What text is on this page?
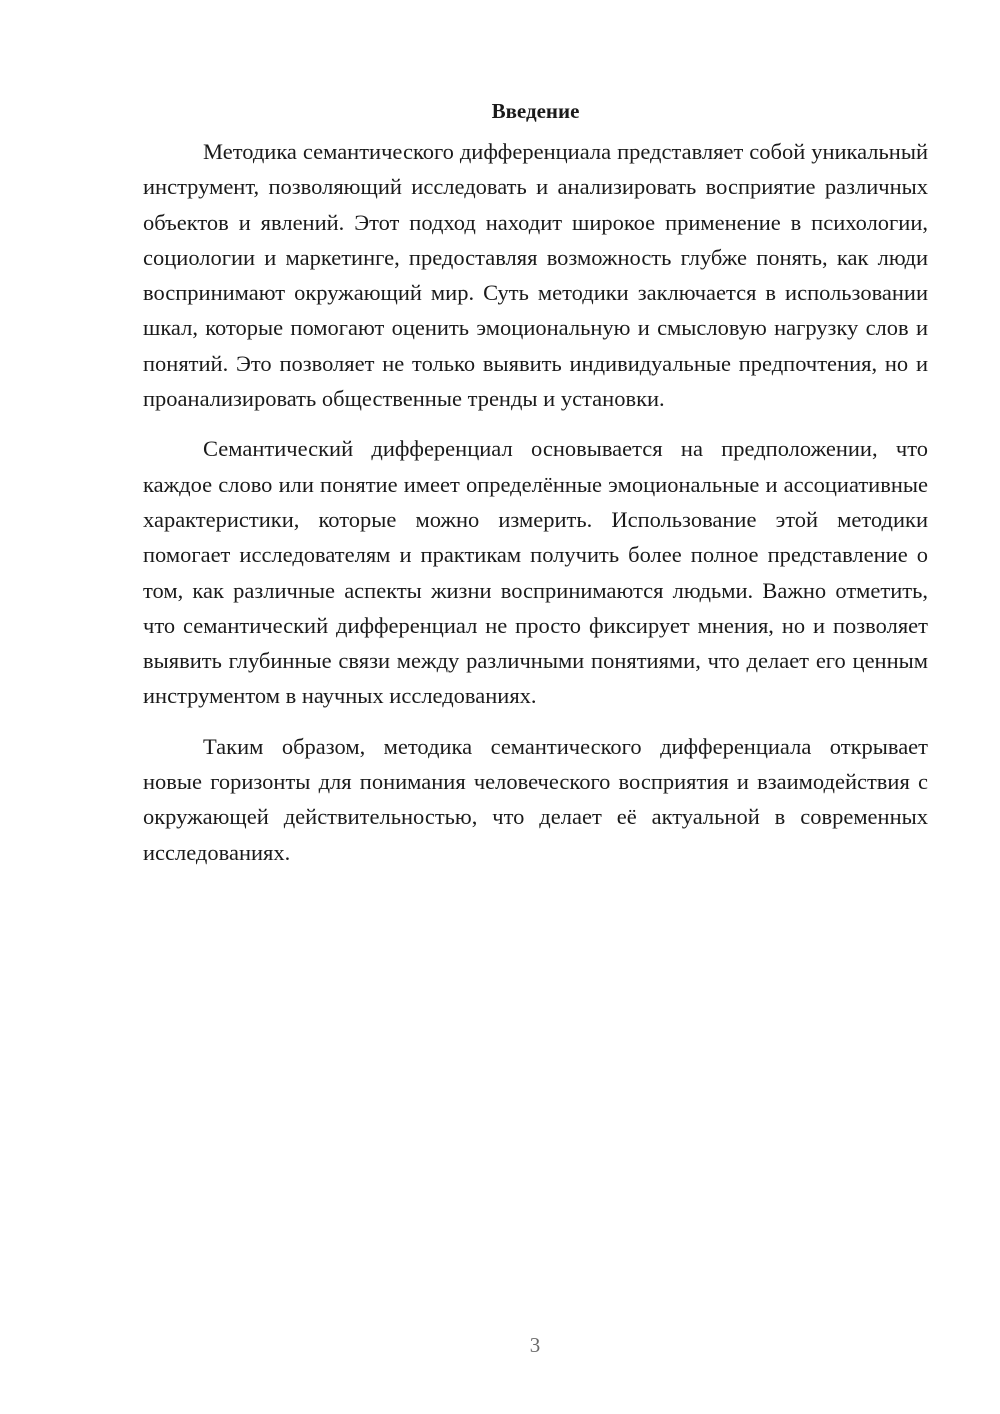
Введение

Методика семантического дифференциала представляет собой уникальный инструмент, позволяющий исследовать и анализировать восприятие различных объектов и явлений. Этот подход находит широкое применение в психологии, социологии и маркетинге, предоставляя возможность глубже понять, как люди воспринимают окружающий мир. Суть методики заключается в использовании шкал, которые помогают оценить эмоциональную и смысловую нагрузку слов и понятий. Это позволяет не только выявить индивидуальные предпочтения, но и проанализировать общественные тренды и установки.

Семантический дифференциал основывается на предположении, что каждое слово или понятие имеет определённые эмоциональные и ассоциативные характеристики, которые можно измерить. Использование этой методики помогает исследователям и практикам получить более полное представление о том, как различные аспекты жизни воспринимаются людьми. Важно отметить, что семантический дифференциал не просто фиксирует мнения, но и позволяет выявить глубинные связи между различными понятиями, что делает его ценным инструментом в научных исследованиях.

Таким образом, методика семантического дифференциала открывает новые горизонты для понимания человеческого восприятия и взаимодействия с окружающей действительностью, что делает её актуальной в современных исследованиях.

3
